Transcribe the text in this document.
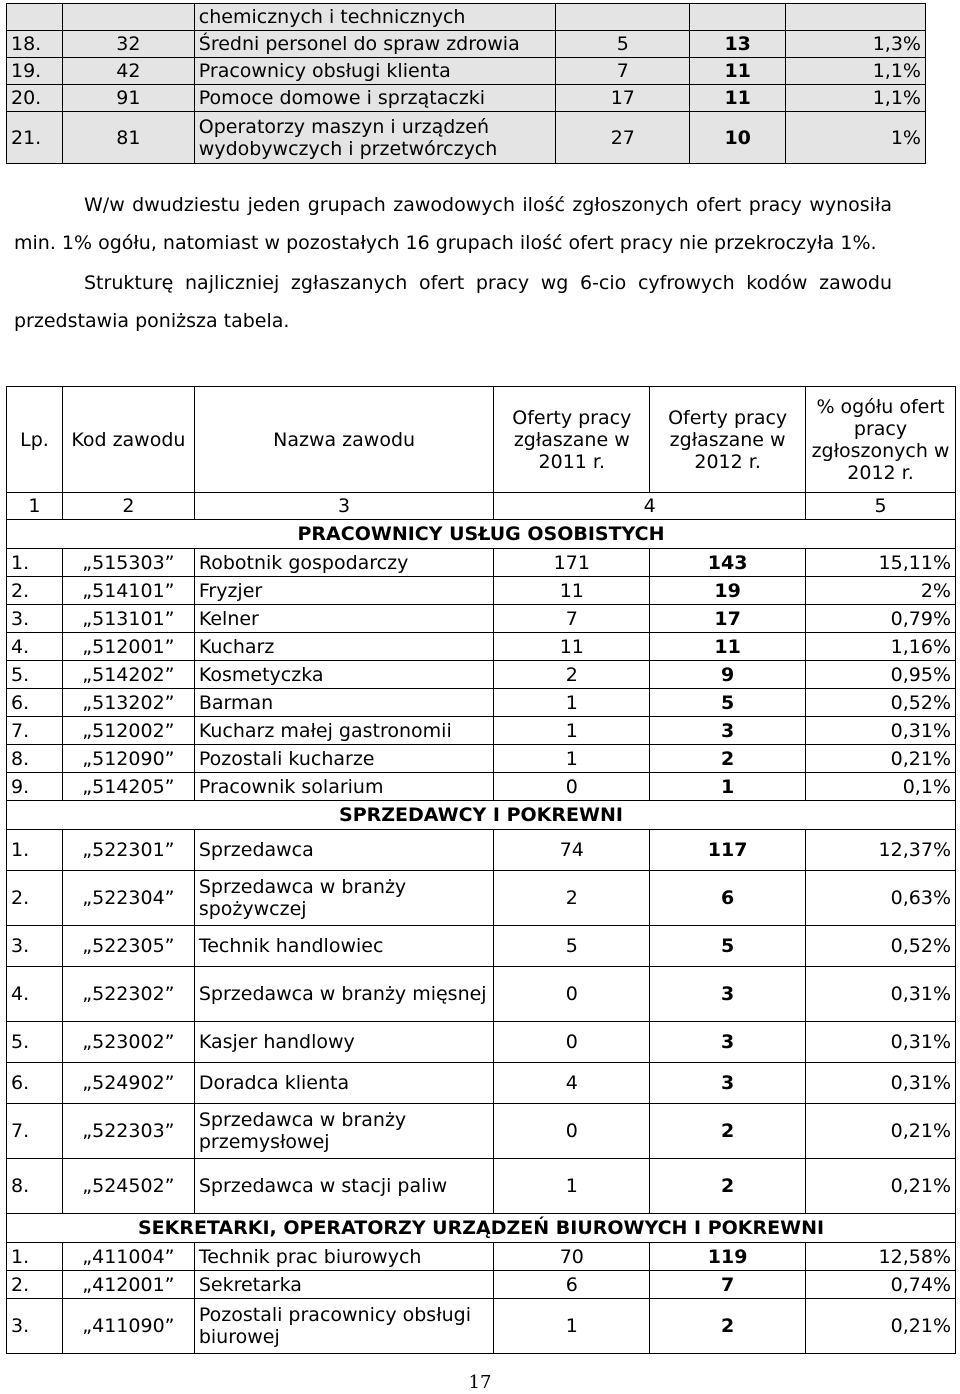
		chemicznych i technicznych			
18.	32	Średni personel do spraw zdrowia	5	13	1,3%
19.	42	Pracownicy obsługi klienta	7	11	1,1%
20.	91	Pomoce domowe i sprzątaczki	17	11	1,1%
21.	81	Operatorzy maszyn i urządzeń wydobywczych i przetwórczych	27	10	1%
W/w dwudziestu jeden grupach zawodowych ilość zgłoszonych ofert pracy wynosiła
min. 1% ogółu, natomiast w pozostałych 16 grupach ilość ofert pracy nie przekroczyła 1%.
Strukturę najliczniej zgłaszanych ofert pracy wg 6-cio cyfrowych kodów zawodu
przedstawia poniższa tabela.
Lp.	Kod zawodu	Nazwa zawodu	Oferty pracy zgłaszane w 2011 r.	Oferty pracy zgłaszane w 2012 r.	% ogółu ofert pracy zgłoszonych w 2012 r.
1	2	3	4		5
PRACOWNICY USŁUG OSOBISTYCH					
1.	„515303”	Robotnik gospodarczy	171	143	15,11%
2.	„514101”	Fryzjer	11	19	2%
3.	„513101”	Kelner	7	17	0,79%
4.	„512001”	Kucharz	11	11	1,16%
5.	„514202”	Kosmetyczka	2	9	0,95%
6.	„513202”	Barman	1	5	0,52%
7.	„512002”	Kucharz małej gastronomii	1	3	0,31%
8.	„512090”	Pozostali kucharze	1	2	0,21%
9.	„514205”	Pracownik solarium	0	1	0,1%
SPRZEDAWCY I POKREWNI					
1.	„522301”	Sprzedawca	74	117	12,37%
2.	„522304”	Sprzedawca w branży spożywczej	2	6	0,63%
3.	„522305”	Technik handlowiec	5	5	0,52%
4.	„522302”	Sprzedawca w branży mięsnej	0	3	0,31%
5.	„523002”	Kasjer handlowy	0	3	0,31%
6.	„524902”	Doradca klienta	4	3	0,31%
7.	„522303”	Sprzedawca w branży przemysłowej	0	2	0,21%
8.	„524502”	Sprzedawca w stacji paliw	1	2	0,21%
SEKRETARKI, OPERATORZY URZĄDZEŃ BIUROWYCH I POKREWNI					
1.	„411004”	Technik prac biurowych	70	119	12,58%
2.	„412001”	Sekretarka	6	7	0,74%
3.	„411090”	Pozostali pracownicy obsługi biurowej	1	2	0,21%
17
